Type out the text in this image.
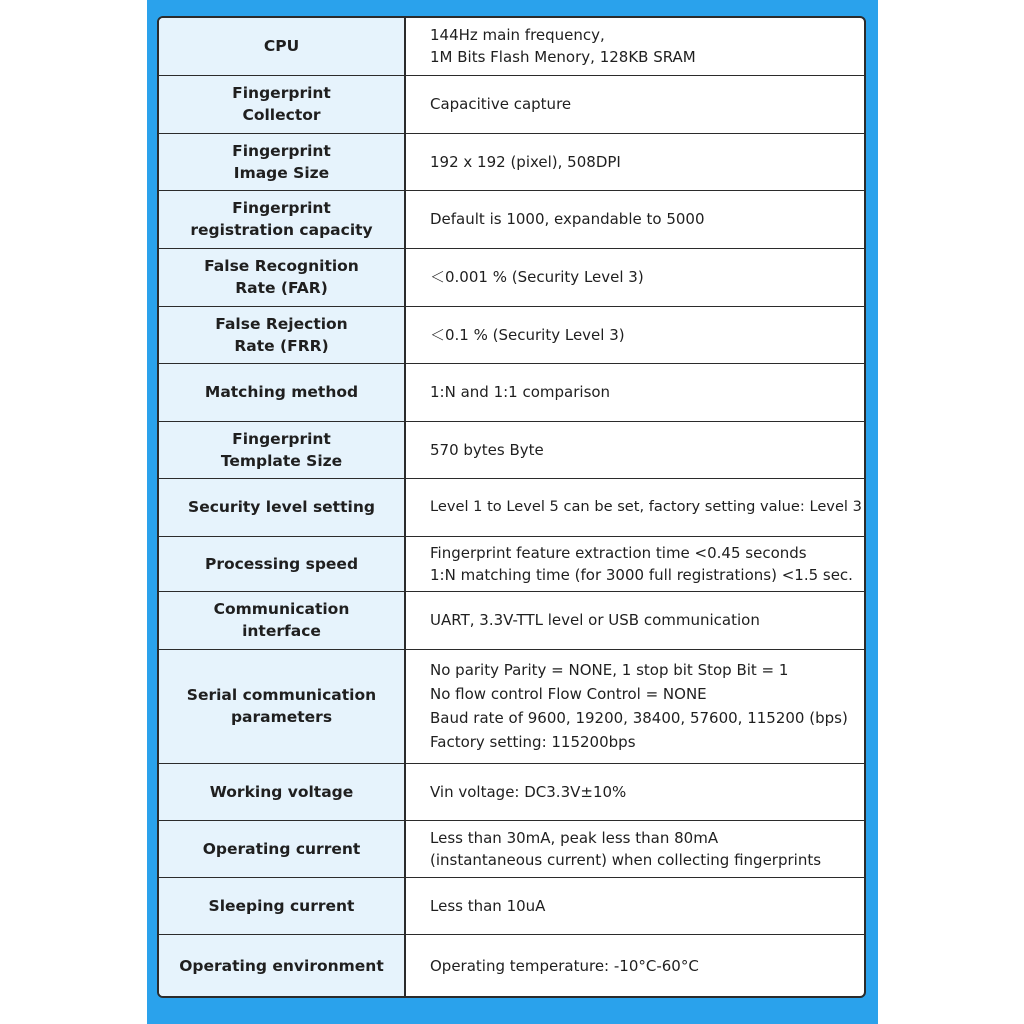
CPU	144Hz main frequency,
1M Bits Flash Menory, 128KB SRAM

Fingerprint
Collector	Capacitive capture

Fingerprint
Image Size	192 x 192 (pixel), 508DPI

Fingerprint
registration capacity	Default is 1000, expandable to 5000

False Recognition
Rate (FAR)	＜0.001 % (Security Level 3)

False Rejection
Rate (FRR)	＜0.1 % (Security Level 3)

Matching method	1:N and 1:1 comparison

Fingerprint
Template Size	570 bytes Byte

Security level setting	Level 1 to Level 5 can be set, factory setting value: Level 3

Processing speed	Fingerprint feature extraction time <0.45 seconds
1:N matching time (for 3000 full registrations) <1.5 sec.

Communication
interface	UART, 3.3V-TTL level or USB communication

Serial communication
parameters	No parity Parity = NONE, 1 stop bit Stop Bit = 1
No flow control Flow Control = NONE
Baud rate of 9600, 19200, 38400, 57600, 115200 (bps)
Factory setting: 115200bps

Working voltage	Vin voltage: DC3.3V±10%

Operating current	Less than 30mA, peak less than 80mA
(instantaneous current) when collecting fingerprints

Sleeping current	Less than 10uA

Operating environment	Operating temperature: -10°C-60°C
